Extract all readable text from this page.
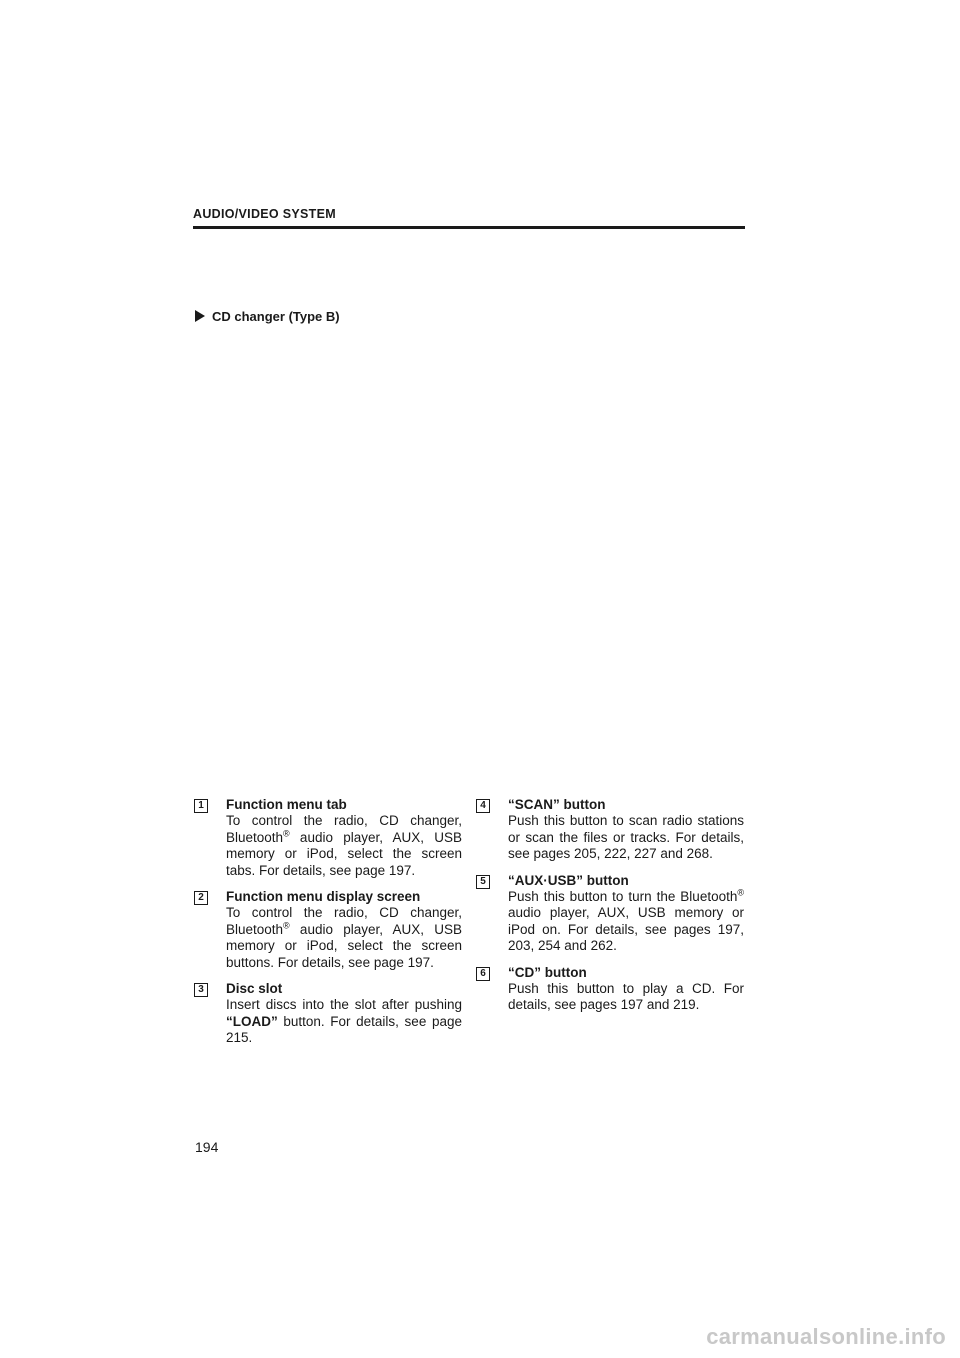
AUDIO/VIDEO SYSTEM
CD changer (Type B)
1	Function menu tab

To control the radio, CD changer, Bluetooth® audio player, AUX, USB memory or iPod, select the screen tabs. For details, see page 197.

2	Function menu display screen

To control the radio, CD changer, Bluetooth® audio player, AUX, USB memory or iPod, select the screen buttons. For details, see page 197.

3	Disc slot

Insert discs into the slot after pushing “LOAD” button. For details, see page 215.

4	“SCAN” button

Push this button to scan radio stations or scan the files or tracks. For details, see pages 205, 222, 227 and 268.

5	“AUX·USB” button

Push this button to turn the Bluetooth® audio player, AUX, USB memory or iPod on. For details, see pages 197, 203, 254 and 262.

6	“CD” button

Push this button to play a CD. For details, see pages 197 and 219.

194
carmanualsonline.info
